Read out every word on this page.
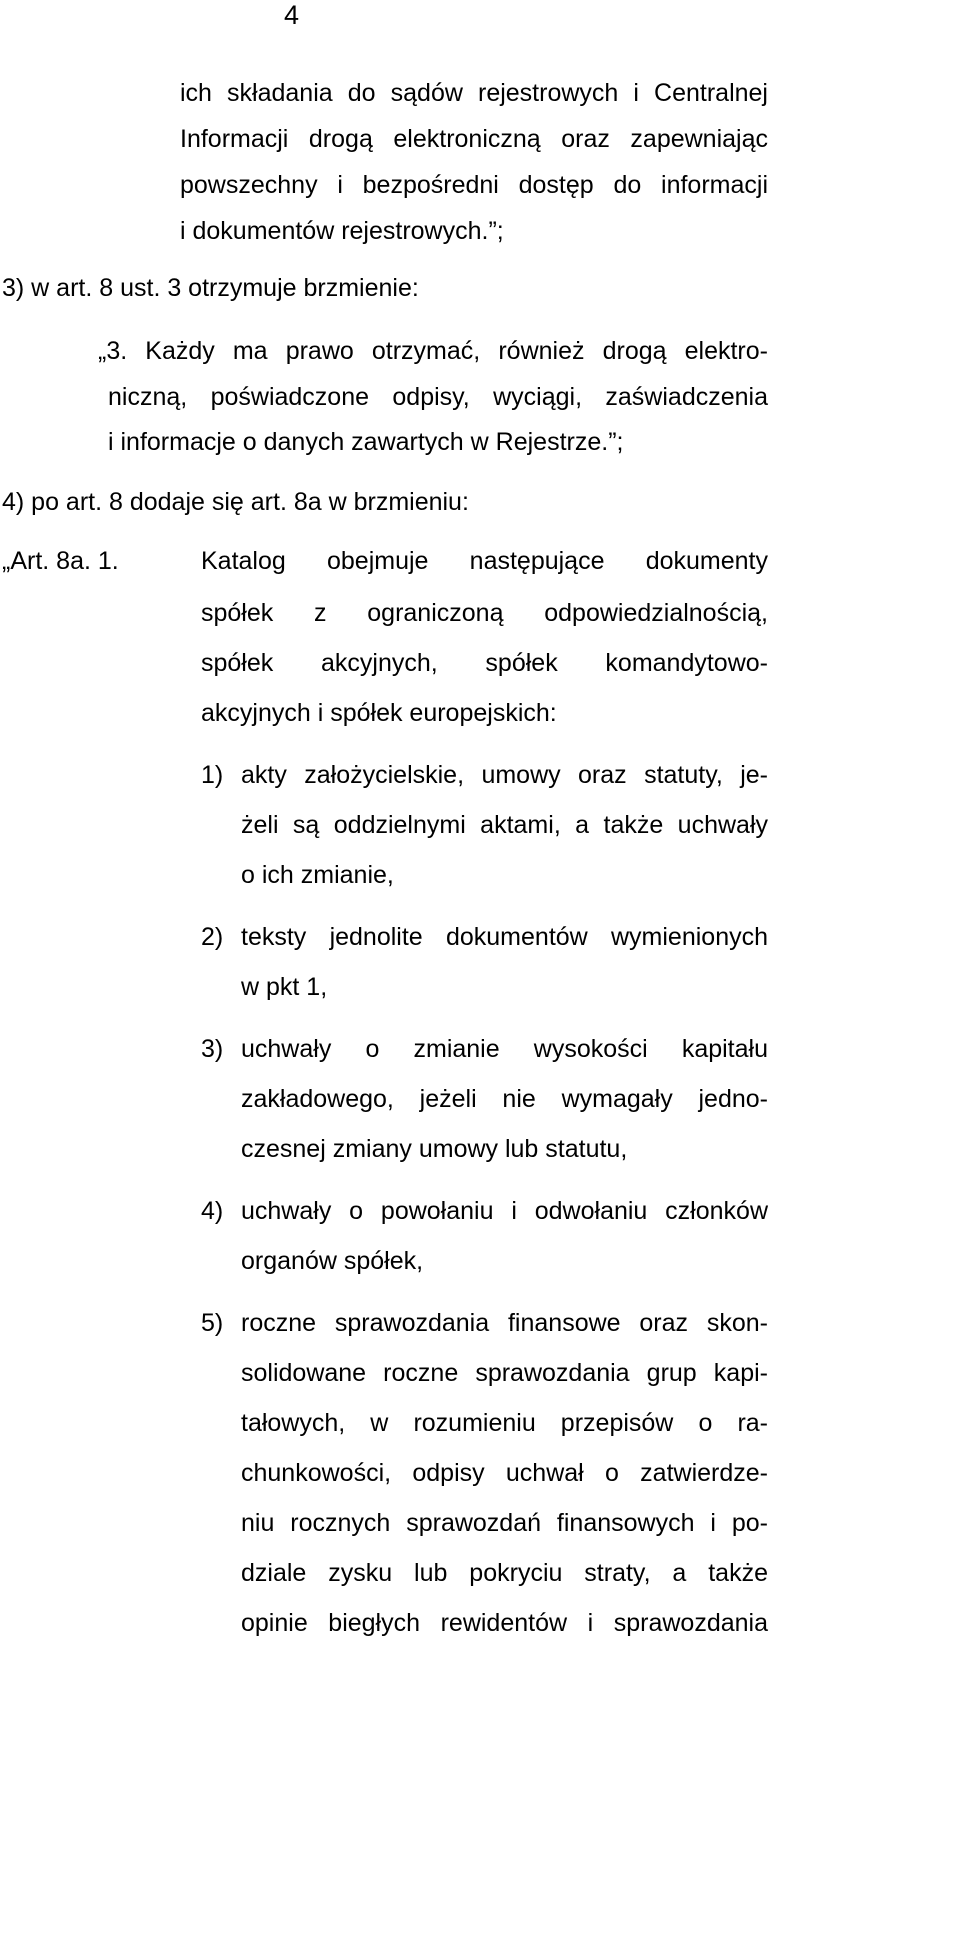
4
ich składania do sądów rejestrowych i Centralnej
Informacji drogą elektroniczną oraz zapewniając
powszechny i bezpośredni dostęp do informacji
i dokumentów rejestrowych.”;
3) w art. 8 ust. 3 otrzymuje brzmienie:
„3. Każdy ma prawo otrzymać, również drogą elektro-
niczną, poświadczone odpisy, wyciągi, zaświadczenia
i informacje o danych zawartych w Rejestrze.”;
4) po art. 8 dodaje się art. 8a w brzmieniu:
„Art. 8a. 1.	Katalog obejmuje następujące dokumenty
spółek z ograniczoną odpowiedzialnością,
spółek akcyjnych, spółek komandytowo-
akcyjnych i spółek europejskich:
1) akty założycielskie, umowy oraz statuty, je-
żeli są oddzielnymi aktami, a także uchwały
o ich zmianie,
2) teksty jednolite dokumentów wymienionych
w pkt 1,
3) uchwały o zmianie wysokości kapitału
zakładowego, jeżeli nie wymagały jedno-
czesnej zmiany umowy lub statutu,
4) uchwały o powołaniu i odwołaniu członków
organów spółek,
5) roczne sprawozdania finansowe oraz skon-
solidowane roczne sprawozdania grup kapi-
tałowych, w rozumieniu przepisów o ra-
chunkowości, odpisy uchwał o zatwierdze-
niu rocznych sprawozdań finansowych i po-
dziale zysku lub pokryciu straty, a także
opinie biegłych rewidentów i sprawozdania
